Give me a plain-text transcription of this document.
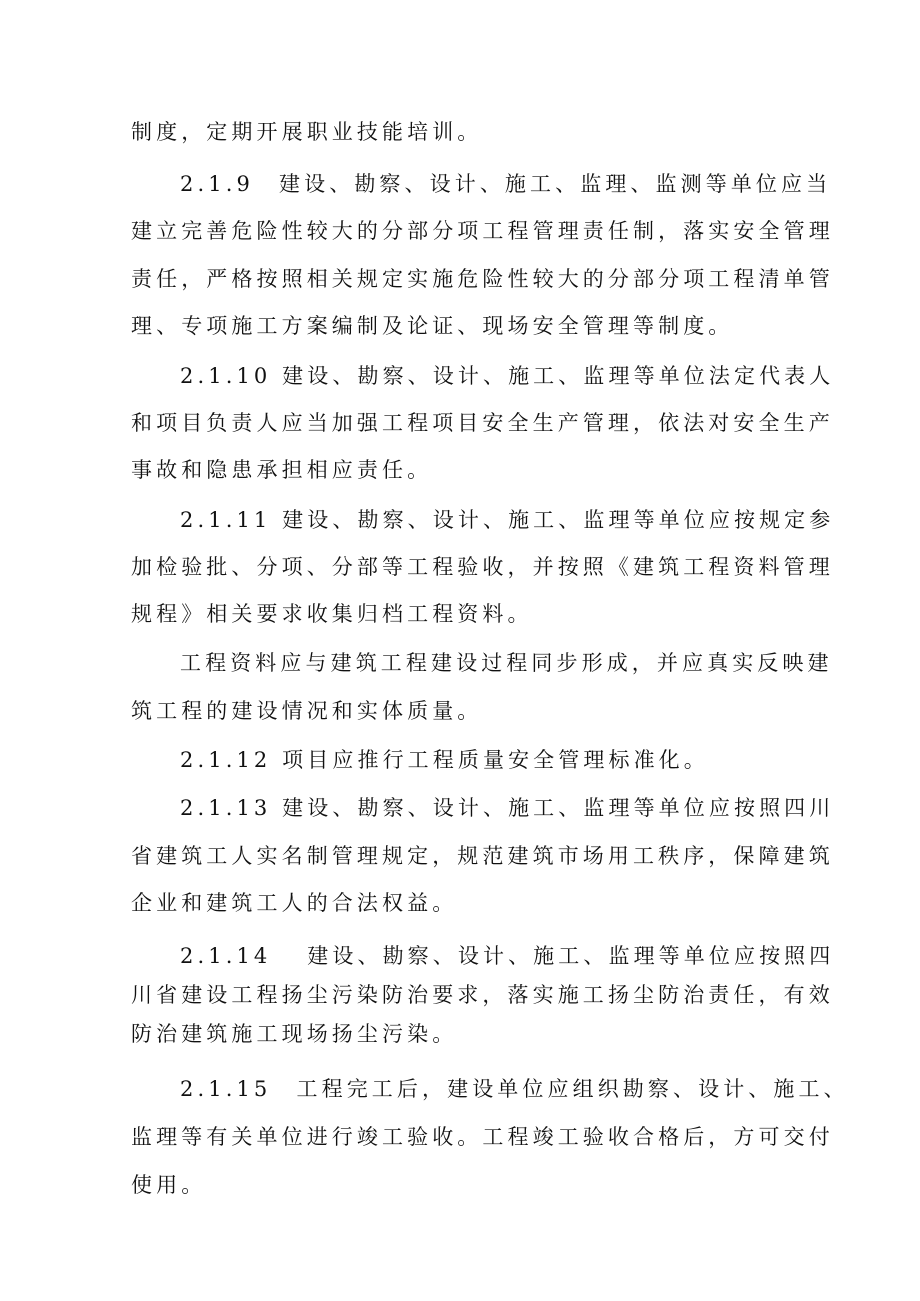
制度，定期开展职业技能培训。
2.1.9　建设、勘察、设计、施工、监理、监测等单位应当
建立完善危险性较大的分部分项工程管理责任制，落实安全管理
责任，严格按照相关规定实施危险性较大的分部分项工程清单管
理、专项施工方案编制及论证、现场安全管理等制度。
2.1.10 建设、勘察、设计、施工、监理等单位法定代表人
和项目负责人应当加强工程项目安全生产管理，依法对安全生产
事故和隐患承担相应责任。
2.1.11 建设、勘察、设计、施工、监理等单位应按规定参
加检验批、分项、分部等工程验收，并按照《建筑工程资料管理
规程》相关要求收集归档工程资料。
工程资料应与建筑工程建设过程同步形成，并应真实反映建
筑工程的建设情况和实体质量。
2.1.12 项目应推行工程质量安全管理标准化。
2.1.13 建设、勘察、设计、施工、监理等单位应按照四川
省建筑工人实名制管理规定，规范建筑市场用工秩序，保障建筑
企业和建筑工人的合法权益。
2.1.14　 建设、勘察、设计、施工、监理等单位应按照四
川省建设工程扬尘污染防治要求，落实施工扬尘防治责任，有效
防治建筑施工现场扬尘污染。
2.1.15　工程完工后，建设单位应组织勘察、设计、施工、
监理等有关单位进行竣工验收。工程竣工验收合格后，方可交付
使用。
